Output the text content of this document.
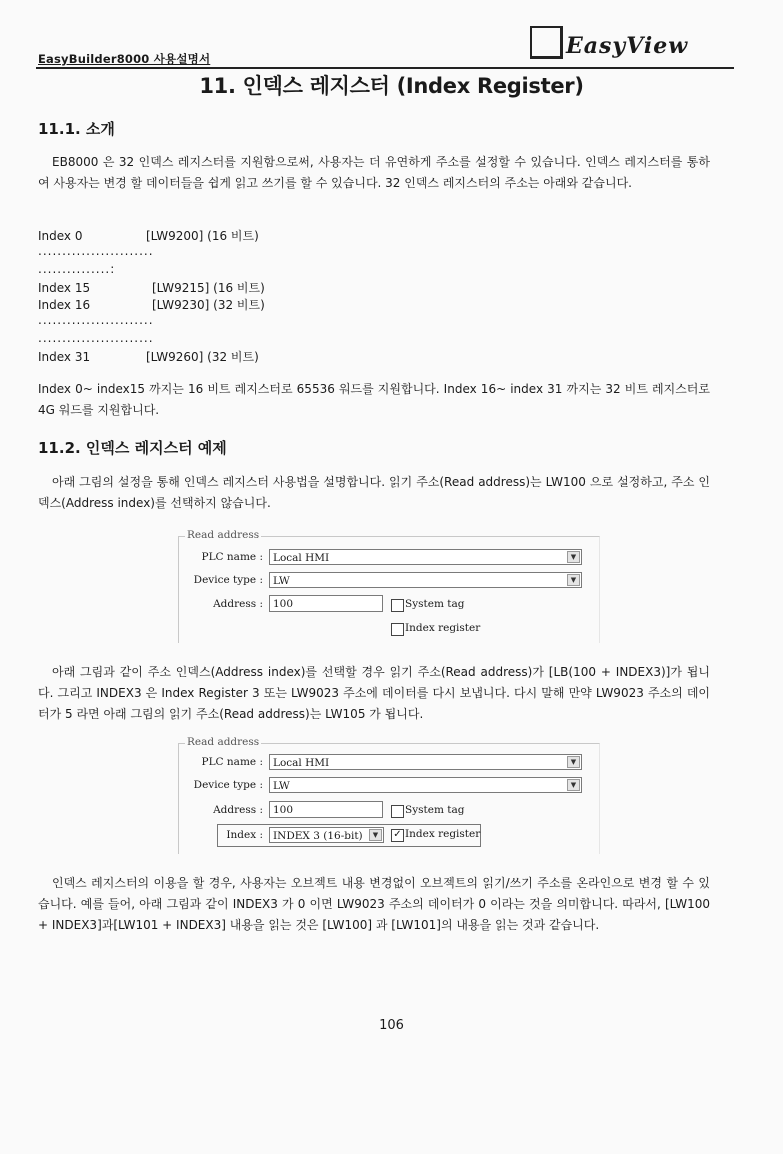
EasyBuilder8000 사용설명서	EasyView
11. 인덱스 레지스터 (Index Register)
11.1. 소개
EB8000 은 32 인덱스 레지스터를 지원함으로써, 사용자는 더 유연하게 주소를 설정할 수 있습니다. 인덱스 레지스터를 통하여 사용자는 변경 할 데이터들을 쉽게 읽고 쓰기를 할 수 있습니다. 32 인덱스 레지스터의 주소는 아래와 같습니다.
Index 0	[LW9200] (16 비트)
........................
...............:
Index 15	[LW9215] (16 비트)
Index 16	[LW9230] (32 비트)
........................
........................
Index 31	[LW9260] (32 비트)
Index 0~ index15 까지는 16 비트 레지스터로 65536 워드를 지원합니다. Index 16~ index 31 까지는 32 비트 레지스터로 4G 워드를 지원합니다.
11.2. 인덱스 레지스터 예제
아래 그림의 설정을 통해 인덱스 레지스터 사용법을 설명합니다. 읽기 주소(Read address)는 LW100 으로 설정하고, 주소 인덱스(Address index)를 선택하지 않습니다.
Read address
PLC name : Local HMI	▼
Device type : LW	▼
Address : 100	System tag
Index register
아래 그림과 같이 주소 인덱스(Address index)를 선택할 경우 읽기 주소(Read address)가 [LB(100 + INDEX3)]가 됩니다. 그리고 INDEX3 은 Index Register 3 또는 LW9023 주소에 데이터를 다시 보냅니다. 다시 말해 만약 LW9023 주소의 데이터가 5 라면 아래 그림의 읽기 주소(Read address)는 LW105 가 됩니다.
Read address
PLC name : Local HMI	▼
Device type : LW	▼
Address : 100	System tag
Index : INDEX 3 (16-bit)	▼	✓ Index register
인덱스 레지스터의 이용을 할 경우, 사용자는 오브젝트 내용 변경없이 오브젝트의 읽기/쓰기 주소를 온라인으로 변경 할 수 있습니다. 예를 들어, 아래 그림과 같이 INDEX3 가 0 이면 LW9023 주소의 데이터가 0 이라는 것을 의미합니다. 따라서, [LW100 + INDEX3]과[LW101 + INDEX3] 내용을 읽는 것은 [LW100] 과 [LW101]의 내용을 읽는 것과 같습니다.
106
